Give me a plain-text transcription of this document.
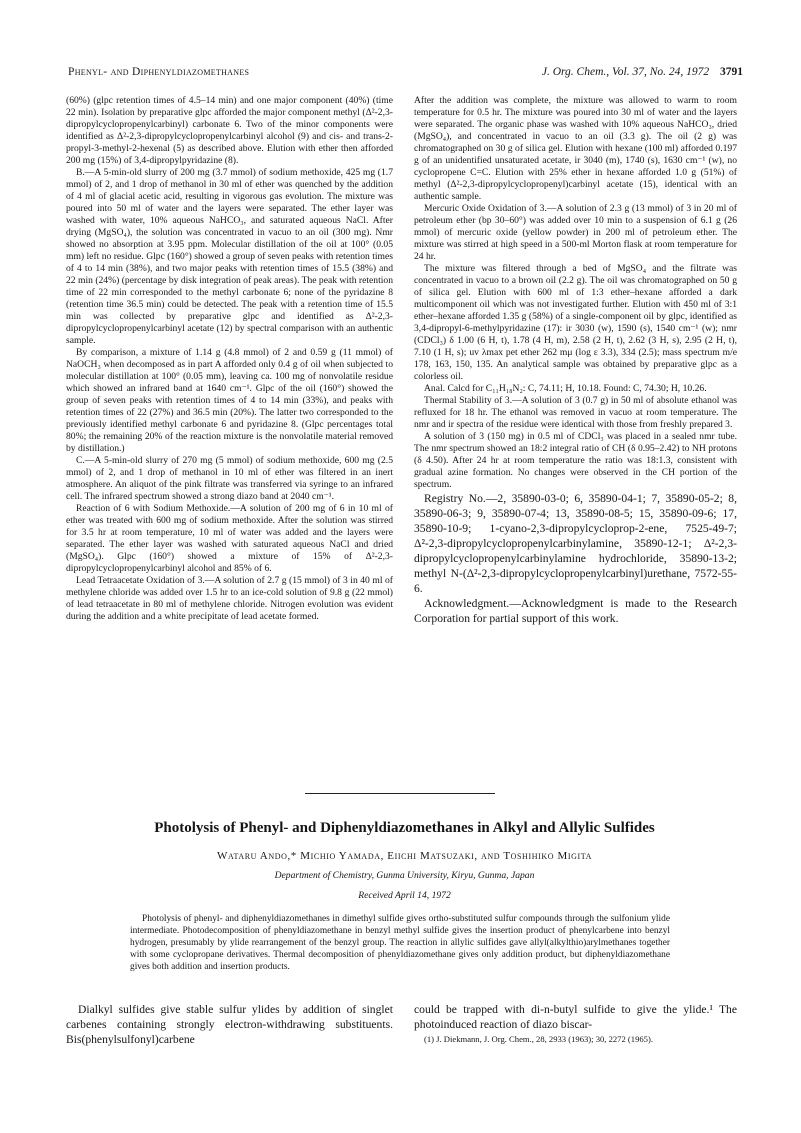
Phenyl- and Diphenyldiazomethanes	J. Org. Chem., Vol. 37, No. 24, 1972 3791

(60%) (glpc retention times of 4.5–14 min) and one major component (40%) (time 22 min). Isolation by preparative glpc afforded the major component methyl (Δ²-2,3-dipropylcyclopropenylcarbinyl) carbonate 6. Two of the minor components were identified as Δ²-2,3-dipropylcyclopropenylcarbinyl alcohol (9) and cis- and trans-2-propyl-3-methyl-2-hexenal (5) as described above. Elution with ether then afforded 200 mg (15%) of 3,4-dipropylpyridazine (8).

B.—A 5-min-old slurry of 200 mg (3.7 mmol) of sodium methoxide, 425 mg (1.7 mmol) of 2, and 1 drop of methanol in 30 ml of ether was quenched by the addition of 4 ml of glacial acetic acid, resulting in vigorous gas evolution. The mixture was poured into 50 ml of water and the layers were separated. The ether layer was washed with water, 10% aqueous NaHCO₃, and saturated aqueous NaCl. After drying (MgSO₄), the solution was concentrated in vacuo to an oil (300 mg). Nmr showed no absorption at 3.95 ppm. Molecular distillation of the oil at 100° (0.05 mm) left no residue. Glpc (160°) showed a group of seven peaks with retention times of 4 to 14 min (38%), and two major peaks with retention times of 15.5 (38%) and 22 min (24%) (percentage by disk integration of peak areas). The peak with retention time of 22 min corresponded to the methyl carbonate 6; none of the pyridazine 8 (retention time 36.5 min) could be detected. The peak with a retention time of 15.5 min was collected by preparative glpc and identified as Δ²-2,3-dipropylcyclopropenylcarbinyl acetate (12) by spectral comparison with an authentic sample.

By comparison, a mixture of 1.14 g (4.8 mmol) of 2 and 0.59 g (11 mmol) of NaOCH₃ when decomposed as in part A afforded only 0.4 g of oil when subjected to molecular distillation at 100° (0.05 mm), leaving ca. 100 mg of nonvolatile residue which showed an infrared band at 1640 cm⁻¹. Glpc of the oil (160°) showed the group of seven peaks with retention times of 4 to 14 min (33%), and peaks with retention times of 22 (27%) and 36.5 min (20%). The latter two corresponded to the previously identified methyl carbonate 6 and pyridazine 8. (Glpc percentages total 80%; the remaining 20% of the reaction mixture is the nonvolatile material removed by distillation.)

C.—A 5-min-old slurry of 270 mg (5 mmol) of sodium methoxide, 600 mg (2.5 mmol) of 2, and 1 drop of methanol in 10 ml of ether was filtered in an inert atmosphere. An aliquot of the pink filtrate was transferred via syringe to an infrared cell. The infrared spectrum showed a strong diazo band at 2040 cm⁻¹.

Reaction of 6 with Sodium Methoxide.—A solution of 200 mg of 6 in 10 ml of ether was treated with 600 mg of sodium methoxide. After the solution was stirred for 3.5 hr at room temperature, 10 ml of water was added and the layers were separated. The ether layer was washed with saturated aqueous NaCl and dried (MgSO₄). Glpc (160°) showed a mixture of 15% of Δ²-2,3-dipropylcyclopropenylcarbinyl alcohol and 85% of 6.

Lead Tetraacetate Oxidation of 3.—A solution of 2.7 g (15 mmol) of 3 in 40 ml of methylene chloride was added over 1.5 hr to an ice-cold solution of 9.8 g (22 mmol) of lead tetraacetate in 80 ml of methylene chloride. Nitrogen evolution was evident during the addition and a white precipitate of lead acetate formed.

After the addition was complete, the mixture was allowed to warm to room temperature for 0.5 hr. The mixture was poured into 30 ml of water and the layers were separated. The organic phase was washed with 10% aqueous NaHCO₃, dried (MgSO₄), and concentrated in vacuo to an oil (3.3 g). The oil (2 g) was chromatographed on 30 g of silica gel. Elution with hexane (100 ml) afforded 0.197 g of an unidentified unsaturated acetate, ir 3040 (m), 1740 (s), 1630 cm⁻¹ (w), no cyclopropene C=C. Elution with 25% ether in hexane afforded 1.0 g (51%) of methyl (Δ²-2,3-dipropylcyclopropenyl)carbinyl acetate (15), identical with an authentic sample.

Mercuric Oxide Oxidation of 3.—A solution of 2.3 g (13 mmol) of 3 in 20 ml of petroleum ether (bp 30–60°) was added over 10 min to a suspension of 6.1 g (26 mmol) of mercuric oxide (yellow powder) in 200 ml of petroleum ether. The mixture was stirred at high speed in a 500-ml Morton flask at room temperature for 24 hr.

The mixture was filtered through a bed of MgSO₄ and the filtrate was concentrated in vacuo to a brown oil (2.2 g). The oil was chromatographed on 50 g of silica gel. Elution with 600 ml of 1:3 ether–hexane afforded a dark multicomponent oil which was not investigated further. Elution with 450 ml of 3:1 ether–hexane afforded 1.35 g (58%) of a single-component oil by glpc, identified as 3,4-dipropyl-6-methylpyridazine (17): ir 3030 (w), 1590 (s), 1540 cm⁻¹ (w); nmr (CDCl₃) δ 1.00 (6 H, t), 1.78 (4 H, m), 2.58 (2 H, t), 2.62 (3 H, s), 2.95 (2 H, t), 7.10 (1 H, s); uv λmax pet ether 262 mμ (log ε 3.3), 334 (2.5); mass spectrum m/e 178, 163, 150, 135. An analytical sample was obtained by preparative glpc as a colorless oil.

Anal. Calcd for C₁₁H₁₈N₂: C, 74.11; H, 10.18. Found: C, 74.30; H, 10.26.

Thermal Stability of 3.—A solution of 3 (0.7 g) in 50 ml of absolute ethanol was refluxed for 18 hr. The ethanol was removed in vacuo at room temperature. The nmr and ir spectra of the residue were identical with those from freshly prepared 3.

A solution of 3 (150 mg) in 0.5 ml of CDCl₃ was placed in a sealed nmr tube. The nmr spectrum showed an 18:2 integral ratio of CH (δ 0.95–2.42) to NH protons (δ 4.50). After 24 hr at room temperature the ratio was 18:1.3, consistent with gradual azine formation. No changes were observed in the CH portion of the spectrum.

Registry No.—2, 35890-03-0; 6, 35890-04-1; 7, 35890-05-2; 8, 35890-06-3; 9, 35890-07-4; 13, 35890-08-5; 15, 35890-09-6; 17, 35890-10-9; 1-cyano-2,3-dipropylcycloprop-2-ene, 7525-49-7; Δ²-2,3-dipropylcyclopropenylcarbinylamine, 35890-12-1; Δ²-2,3-dipropylcyclopropenylcarbinylamine hydrochloride, 35890-13-2; methyl N-(Δ²-2,3-dipropylcyclopropenylcarbinyl)urethane, 7572-55-6.

Acknowledgment.—Acknowledgment is made to the Research Corporation for partial support of this work.

Photolysis of Phenyl- and Diphenyldiazomethanes in Alkyl and Allylic Sulfides
Wataru Ando,* Michio Yamada, Eiichi Matsuzaki, and Toshihiko Migita
Department of Chemistry, Gunma University, Kiryu, Gunma, Japan
Received April 14, 1972
Photolysis of phenyl- and diphenyldiazomethanes in dimethyl sulfide gives ortho-substituted sulfur compounds through the sulfonium ylide intermediate. Photodecomposition of phenyldiazomethane in benzyl methyl sulfide gives the insertion product of phenylcarbene into benzyl hydrogen, presumably by ylide rearrangement of the benzyl group. The reaction in allylic sulfides gave allyl(alkylthio)arylmethanes together with some cyclopropane derivatives. Thermal decomposition of phenyldiazomethane gives only addition product, but diphenyldiazomethane gives both addition and insertion products.
Dialkyl sulfides give stable sulfur ylides by addition of singlet carbenes containing strongly electron-withdrawing substituents. Bis(phenylsulfonyl)carbene
could be trapped with di-n-butyl sulfide to give the ylide.¹ The photoinduced reaction of diazo biscar-
(1) J. Diekmann, J. Org. Chem., 28, 2933 (1963); 30, 2272 (1965).
